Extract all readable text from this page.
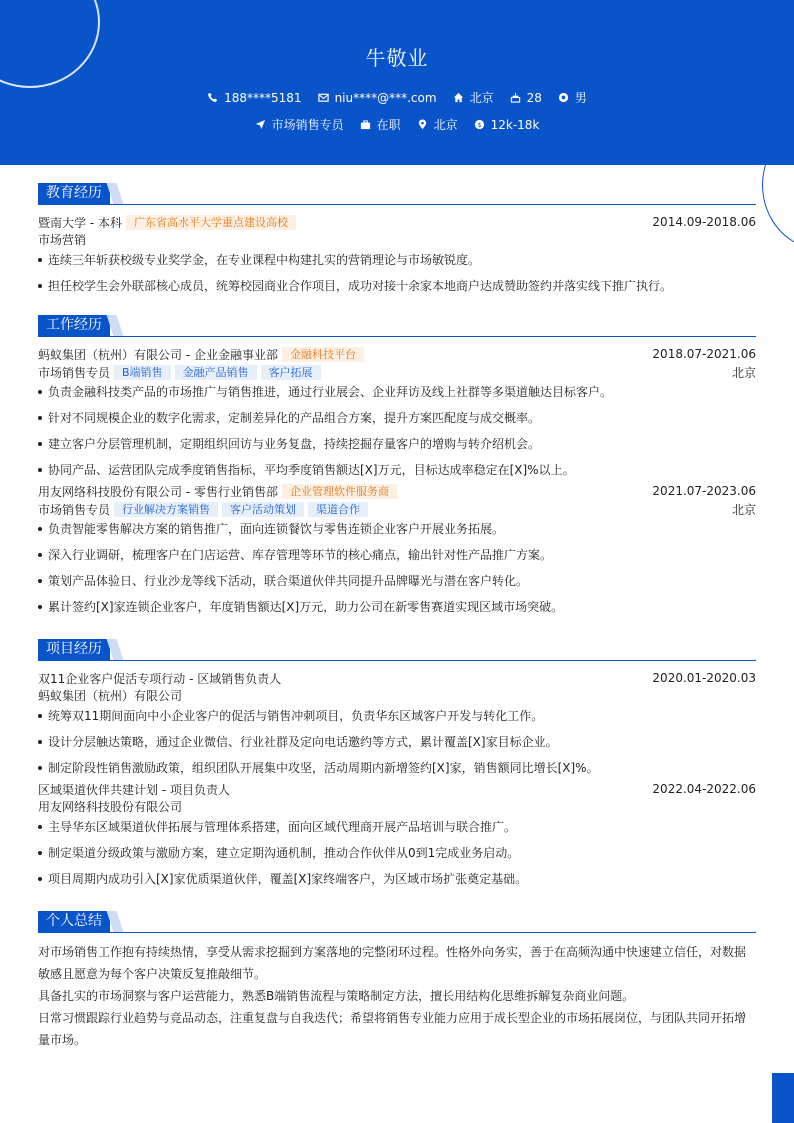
牛敬业
188****5181	niu****@***.com	北京	28	男
市场销售专员	在职	北京	$ 12k-18k
教育经历
暨南大学 - 本科	广东省高水平大学重点建设高校	2014.09-2018.06
市场营销
连续三年斩获校级专业奖学金，在专业课程中构建扎实的营销理论与市场敏锐度。
担任校学生会外联部核心成员，统筹校园商业合作项目，成功对接十余家本地商户达成赞助签约并落实线下推广执行。
工作经历
蚂蚁集团（杭州）有限公司 - 企业金融事业部	金融科技平台	2018.07-2021.06
市场销售专员	B端销售	金融产品销售	客户拓展	北京
负责金融科技类产品的市场推广与销售推进，通过行业展会、企业拜访及线上社群等多渠道触达目标客户。
针对不同规模企业的数字化需求，定制差异化的产品组合方案，提升方案匹配度与成交概率。
建立客户分层管理机制，定期组织回访与业务复盘，持续挖掘存量客户的增购与转介绍机会。
协同产品、运营团队完成季度销售指标，平均季度销售额达[X]万元，目标达成率稳定在[X]%以上。
用友网络科技股份有限公司 - 零售行业销售部	企业管理软件服务商	2021.07-2023.06
市场销售专员	行业解决方案销售	客户活动策划	渠道合作	北京
负责智能零售解决方案的销售推广，面向连锁餐饮与零售连锁企业客户开展业务拓展。
深入行业调研，梳理客户在门店运营、库存管理等环节的核心痛点，输出针对性产品推广方案。
策划产品体验日、行业沙龙等线下活动，联合渠道伙伴共同提升品牌曝光与潜在客户转化。
累计签约[X]家连锁企业客户，年度销售额达[X]万元，助力公司在新零售赛道实现区域市场突破。
项目经历
双11企业客户促活专项行动 - 区域销售负责人	2020.01-2020.03
蚂蚁集团（杭州）有限公司
统筹双11期间面向中小企业客户的促活与销售冲刺项目，负责华东区域客户开发与转化工作。
设计分层触达策略，通过企业微信、行业社群及定向电话邀约等方式，累计覆盖[X]家目标企业。
制定阶段性销售激励政策，组织团队开展集中攻坚，活动周期内新增签约[X]家，销售额同比增长[X]%。
区域渠道伙伴共建计划 - 项目负责人	2022.04-2022.06
用友网络科技股份有限公司
主导华东区域渠道伙伴拓展与管理体系搭建，面向区域代理商开展产品培训与联合推广。
制定渠道分级政策与激励方案，建立定期沟通机制，推动合作伙伴从0到1完成业务启动。
项目周期内成功引入[X]家优质渠道伙伴，覆盖[X]家终端客户，为区域市场扩张奠定基础。
个人总结

对市场销售工作抱有持续热情，享受从需求挖掘到方案落地的完整闭环过程。性格外向务实，善于在高频沟通中快速建立信任，对数据敏感且愿意为每个客户决策反复推敲细节。

具备扎实的市场洞察与客户运营能力，熟悉B端销售流程与策略制定方法，擅长用结构化思维拆解复杂商业问题。

日常习惯跟踪行业趋势与竞品动态，注重复盘与自我迭代；希望将销售专业能力应用于成长型企业的市场拓展岗位，与团队共同开拓增量市场。
